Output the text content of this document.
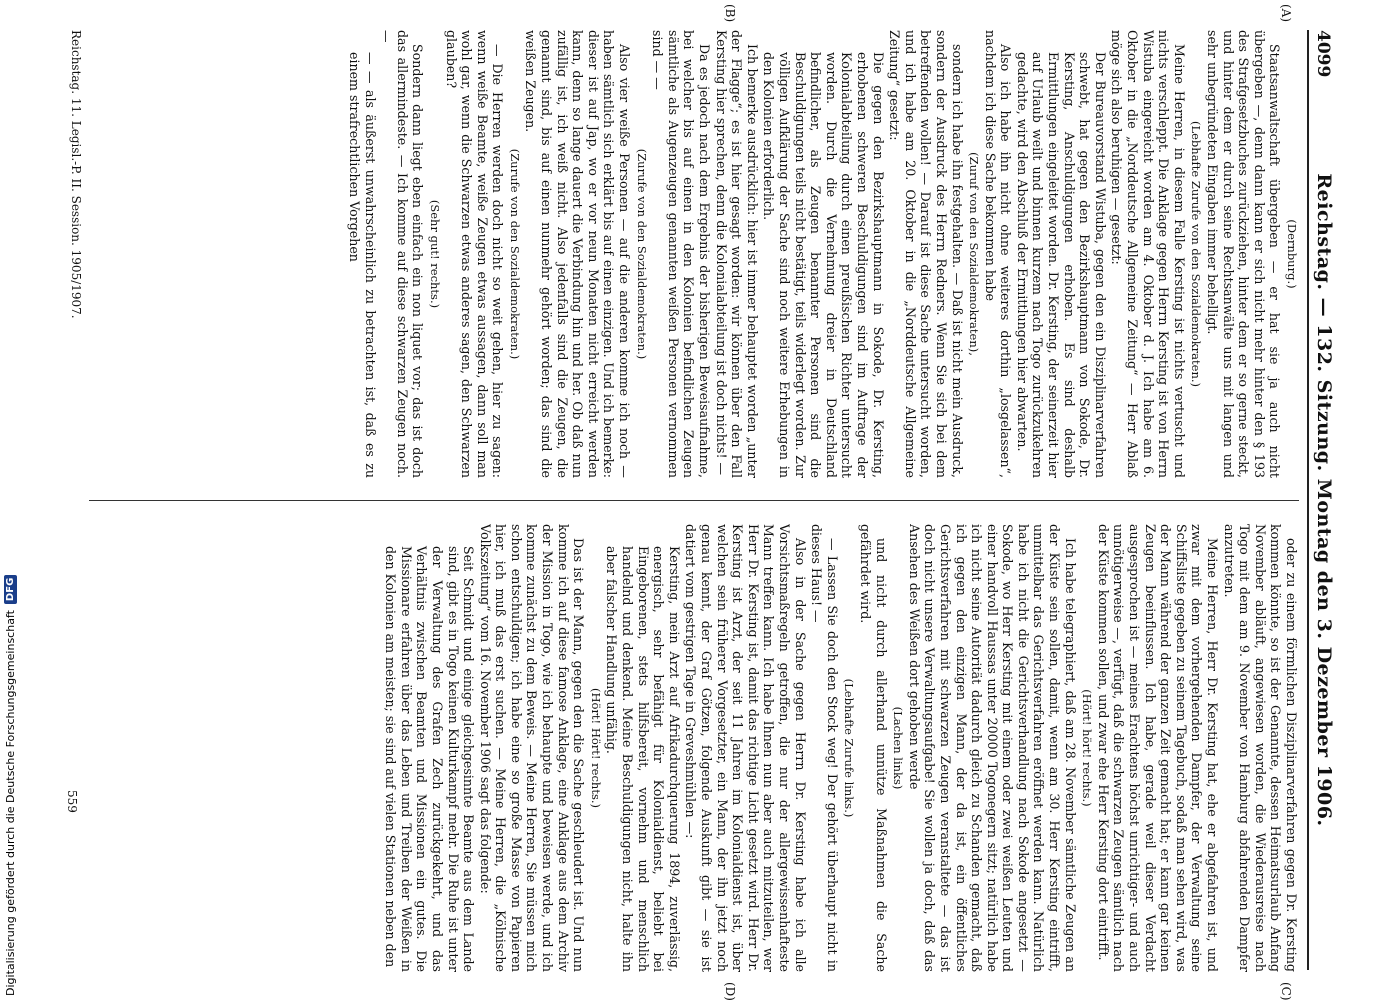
4099
Reichstag. — 132. Sitzung. Montag den 3. Dezember 1906.
(A)
(B)
(C)
(D)

(Dernburg.)

Staatsanwaltschaft übergeben — er hat sie ja auch nicht übergeben —, denn dann kann er sich nicht mehr hinter den § 193 des Strafgesetzbuches zurückziehen, hinter dem er so gerne steckt, und hinter dem er durch seine Rechtsanwälte uns mit langen und sehr unbegründeten Eingaben immer behelligt.

(Lebhafte Zurufe von den Sozialdemokraten.)

Meine Herren, in diesem Falle Kersting ist nichts vertuscht und nichts verschleppt. Die Anklage gegen Herrn Kersting ist von Herrn Wistuba eingereicht worden am 4. Oktober d. J. Ich habe am 6. Oktober in die „Norddeutsche Allgemeine Zeitung“ — Herr Ablaß möge sich also beruhigen — gesetzt:

Der Bureauvorstand Wistuba, gegen den ein Disziplinarverfahren schwebt, hat gegen den Bezirkshauptmann von Sokode, Dr. Kersting, Anschuldigungen erhoben. Es sind deshalb Ermittlungen eingeleitet worden. Dr. Kersting, der seinerzeit hier auf Urlaub weilt und binnen kurzem nach Togo zurückzukehren gedachte, wird den Abschluß der Ermittlungen hier abwarten.

Also ich habe ihn nicht ohne weiteres dorthin „losgelassen“, nachdem ich diese Sache bekommen habe

(Zuruf von den Sozialdemokraten),

sondern ich habe ihn festgehalten. — Daß ist nicht mein Ausdruck, sondern der Ausdruck des Herrn Redners. Wenn Sie sich bei dem betreffenden wollen! — Darauf ist diese Sache untersucht worden, und ich habe am 20. Oktober in die „Norddeutsche Allgemeine Zeitung“ gesetzt:

Die gegen den Bezirkshauptmann in Sokode, Dr. Kersting, erhobenen schweren Beschuldigungen sind im Auftrage der Kolonialabteilung durch einen preußischen Richter untersucht worden. Durch die Vernehmung dreier in Deutschland befindlicher, als Zeugen benannter Personen sind die Beschuldigungen teils nicht bestätigt, teils widerlegt worden. Zur völligen Aufklärung der Sache sind noch weitere Erhebungen in den Kolonien erforderlich.

Ich bemerke ausdrücklich: hier ist immer behauptet worden „unter der Flagge“; es ist hier gesagt worden: wir können über den Fall Kersting hier sprechen, denn die Kolonialabteilung ist doch nichts! —

Da es jedoch nach dem Ergebnis der bisherigen Beweisaufnahme, bei welcher bis auf einen in den Kolonien befindlichen Zeugen sämtliche als Augenzeugen genannten weißen Personen vernommen sind — —

(Zurufe von den Sozialdemokraten.)

Also vier weiße Personen — auf die anderen komme ich noch — haben sämtlich sich erklärt bis auf einen einzigen. Und ich bemerke: dieser ist auf Jap, wo er vor neun Monaten nicht erreicht werden kann, denn so lange dauert die Verbindung hin und her. Ob daß nun zufällig ist, ich weiß nicht. Also jedenfalls sind die Zeugen, die genannt sind, bis auf einen nunmehr gehört worden; das sind die weißen Zeugen.

(Zurufe von den Sozialdemokraten.)

— Die Herren werden doch nicht so weit gehen, hier zu sagen: wenn weiße Beamte, weiße Zeugen etwas aussagen, dann soll man wohl gar, wenn die Schwarzen etwas anderes sagen, den Schwarzen glauben?

(Sehr gut! rechts.)

Sondern dann liegt eben einfach ein non liquet vor; das ist doch das allermindeste. — Ich komme auf diese schwarzen Zeugen noch. —

— — als äußerst unwahrscheinlich zu betrachten ist, daß es zu einem strafrechtlichen Vorgehen

oder zu einem förmlichen Disziplinarverfahren gegen Dr. Kersting kommen könnte, so ist der Genannte, dessen Heimatsurlaub Anfang November abläuft, angewiesen worden, die Wiederausreise nach Togo mit dem am 9. November von Hamburg abfahrenden Dampfer anzutreten.

Meine Herren, Herr Dr. Kersting hat, ehe er abgefahren ist, und zwar mit dem vorhergehenden Dampfer, der Verwaltung seine Schiffsliste gegeben zu seinem Tagebuch, sodaß man sehen wird, was der Mann während der ganzen Zeit gemacht hat; er kann gar keinen Zeugen beeinflussen. Ich habe, gerade weil dieser Verdacht ausgesprochen ist — meines Erachtens höchst unrichtiger- und auch unnötigerweise —, verfügt, daß die schwarzen Zeugen sämtlich nach der Küste kommen sollen, und zwar ehe Herr Kersting dort eintrifft.

(Hört! hört! rechts.)

Ich habe telegraphiert, daß am 28. November sämtliche Zeugen an der Küste sein sollen, damit, wenn am 30. Herr Kersting eintrifft, unmittelbar das Gerichtsverfahren eröffnet werden kann. Natürlich habe ich nicht die Gerichtsverhandlung nach Sokode angesetzt — Sokode, wo Herr Kersting mit einem oder zwei weißen Leuten und einer handvoll Haussas unter 20000 Togonegern sitzt; natürlich habe ich nicht seine Autorität dadurch gleich zu Schanden gemacht, daß ich gegen den einzigen Mann, der da ist, ein öffentliches Gerichtsverfahren mit schwarzen Zeugen veranstaltete — das ist doch nicht unsere Verwaltungsaufgabe! Sie wollen ja doch, daß das Ansehen des Weißen dort gehoben werde

(Lachen links)

und nicht durch allerhand unnütze Maßnahmen die Sache gefährdet wird.

(Lebhafte Zurufe links.)

— Lassen Sie doch den Stock weg! Der gehört überhaupt nicht in dieses Haus! —

Also in der Sache gegen Herrn Dr. Kersting habe ich alle Vorsichtsmaßregeln getroffen, die nur der allergewissenhafteste Mann treffen kann. Ich habe Ihnen nun aber auch mitzuteilen, wer Herr Dr. Kersting ist, damit das richtige Licht gesetzt wird. Herr Dr. Kersting ist Arzt, der seit 11 Jahren im Kolonialdienst ist, über welchen sein früherer Vorgesetzter, ein Mann, der ihn jetzt noch genau kennt, der Graf Götzen, folgende Auskunft gibt — sie ist datiert vom gestrigen Tage in Greveshmühlen —:

Kersting, mein Arzt auf Afrikadurchquerung 1894, zuverlässig, energisch, sehr befähigt für Kolonialdienst, beliebt bei Eingeborenen, stets hilfsbereit, vornehm und menschlich handelnd und denkend. Meine Beschuldigungen nicht, halte ihn aber falscher Handlung unfähig.

(Hört! Hört! rechts.)

Das ist der Mann, gegen den die Sache geschleudert ist. Und nun komme ich auf diese famose Anklage, eine Anklage aus dem Archiv der Mission in Togo, wie ich behaupte und beweisen werde, und ich komme zunächst zu dem Beweis. — Meine Herren, Sie müssen mich schon entschuldigen; ich habe eine so große Masse von Papieren hier, ich muß das erst suchen. — Meine Herren, die „Kölnische Volkszeitung“ vom 16. November 1906 sagt das folgende:

Seit Schmidt und einige gleichgesinnte Beamte aus dem Lande sind, gibt es in Togo keinen Kulturkampf mehr. Die Ruhe ist unter der Verwaltung des Grafen Zech zurückgekehrt, und das Verhältnis zwischen Beamten und Missionen ein gutes. Die Missionare erfahren über das Leben und Treiben der Weißen in den Kolonien am meisten; sie sind auf vielen Stationen neben den

Reichstag. 11. Legisl.-P. II. Session. 1905/1907.
559
Digitalisierung gefördert durch die Deutsche Forschungsgemeinschaft
DFG
